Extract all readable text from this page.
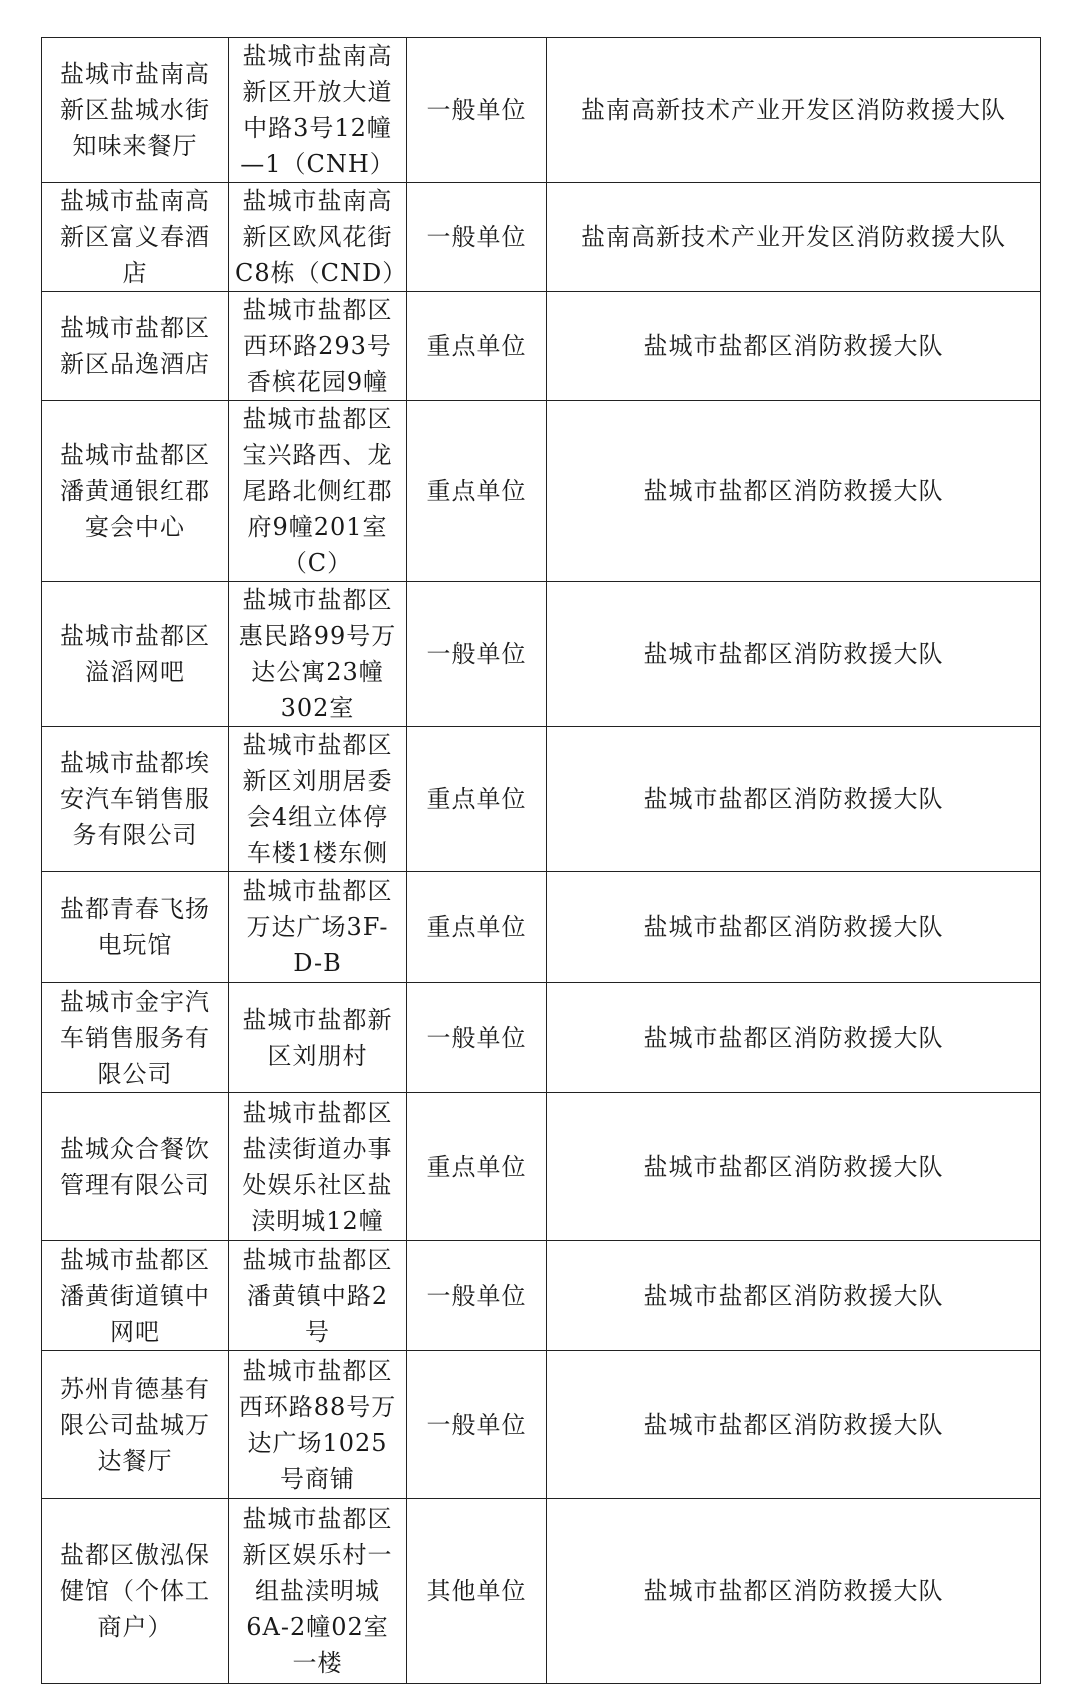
盐城市盐南高新区盐城水街知味来餐厅	盐城市盐南高新区开放大道中路3号12幢—1（CNH）	一般单位	盐南高新技术产业开发区消防救援大队
盐城市盐南高新区富义春酒店	盐城市盐南高新区欧风花街C8栋（CND）	一般单位	盐南高新技术产业开发区消防救援大队
盐城市盐都区新区品逸酒店	盐城市盐都区西环路293号香槟花园9幢	重点单位	盐城市盐都区消防救援大队
盐城市盐都区潘黄通银红郡宴会中心	盐城市盐都区宝兴路西、龙尾路北侧红郡府9幢201室（C）	重点单位	盐城市盐都区消防救援大队
盐城市盐都区溢滔网吧	盐城市盐都区惠民路99号万达公寓23幢302室	一般单位	盐城市盐都区消防救援大队
盐城市盐都埃安汽车销售服务有限公司	盐城市盐都区新区刘朋居委会4组立体停车楼1楼东侧	重点单位	盐城市盐都区消防救援大队
盐都青春飞扬电玩馆	盐城市盐都区万达广场3F-D-B	重点单位	盐城市盐都区消防救援大队
盐城市金宇汽车销售服务有限公司	盐城市盐都新区刘朋村	一般单位	盐城市盐都区消防救援大队
盐城众合餐饮管理有限公司	盐城市盐都区盐渎街道办事处娱乐社区盐渎明城12幢	重点单位	盐城市盐都区消防救援大队
盐城市盐都区潘黄街道镇中网吧	盐城市盐都区潘黄镇中路2号	一般单位	盐城市盐都区消防救援大队
苏州肯德基有限公司盐城万达餐厅	盐城市盐都区西环路88号万达广场1025号商铺	一般单位	盐城市盐都区消防救援大队
盐都区傲泓保健馆（个体工商户）	盐城市盐都区新区娱乐村一组盐渎明城6A-2幢02室一楼	其他单位	盐城市盐都区消防救援大队
